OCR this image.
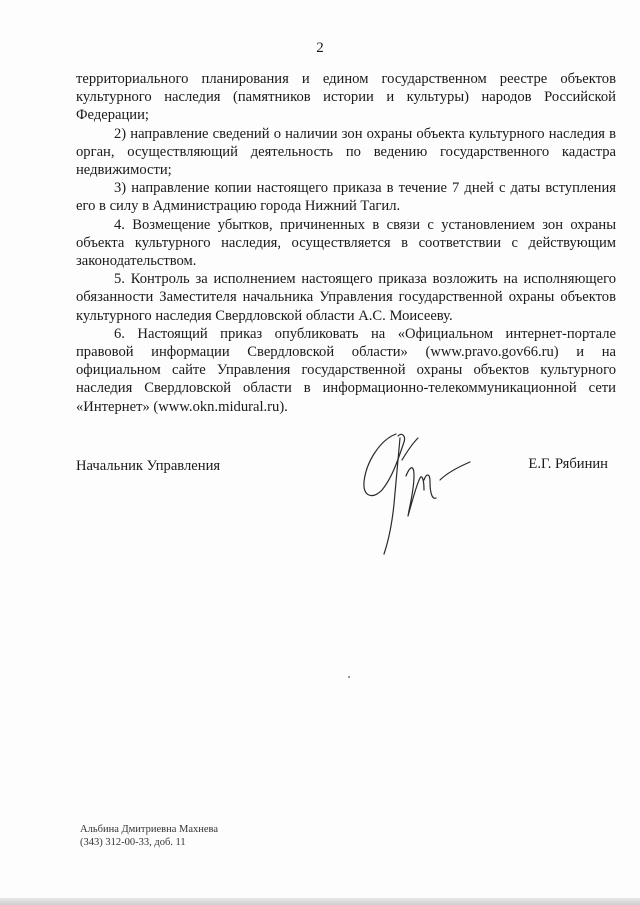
2

территориального планирования и едином государственном реестре объектов культурного наследия (памятников истории и культуры) народов Российской Федерации;

2) направление сведений о наличии зон охраны объекта культурного наследия в орган, осуществляющий деятельность по ведению государственного кадастра недвижимости;

3) направление копии настоящего приказа в течение 7 дней с даты вступления его в силу в Администрацию города Нижний Тагил.

4. Возмещение убытков, причиненных в связи с установлением зон охраны объекта культурного наследия, осуществляется в соответствии с действующим законодательством.

5. Контроль за исполнением настоящего приказа возложить на исполняющего обязанности Заместителя начальника Управления государственной охраны объектов культурного наследия Свердловской области А.С. Моисееву.

6. Настоящий приказ опубликовать на «Официальном интернет-портале правовой информации Свердловской области» (www.pravo.gov66.ru) и на официальном сайте Управления государственной охраны объектов культурного наследия Свердловской области в информационно-телекоммуникационной сети «Интернет» (www.okn.midural.ru).

Начальник Управления	Е.Г. Рябинин
Альбина Дмитриевна Махнева
(343) 312-00-33, доб. 11
